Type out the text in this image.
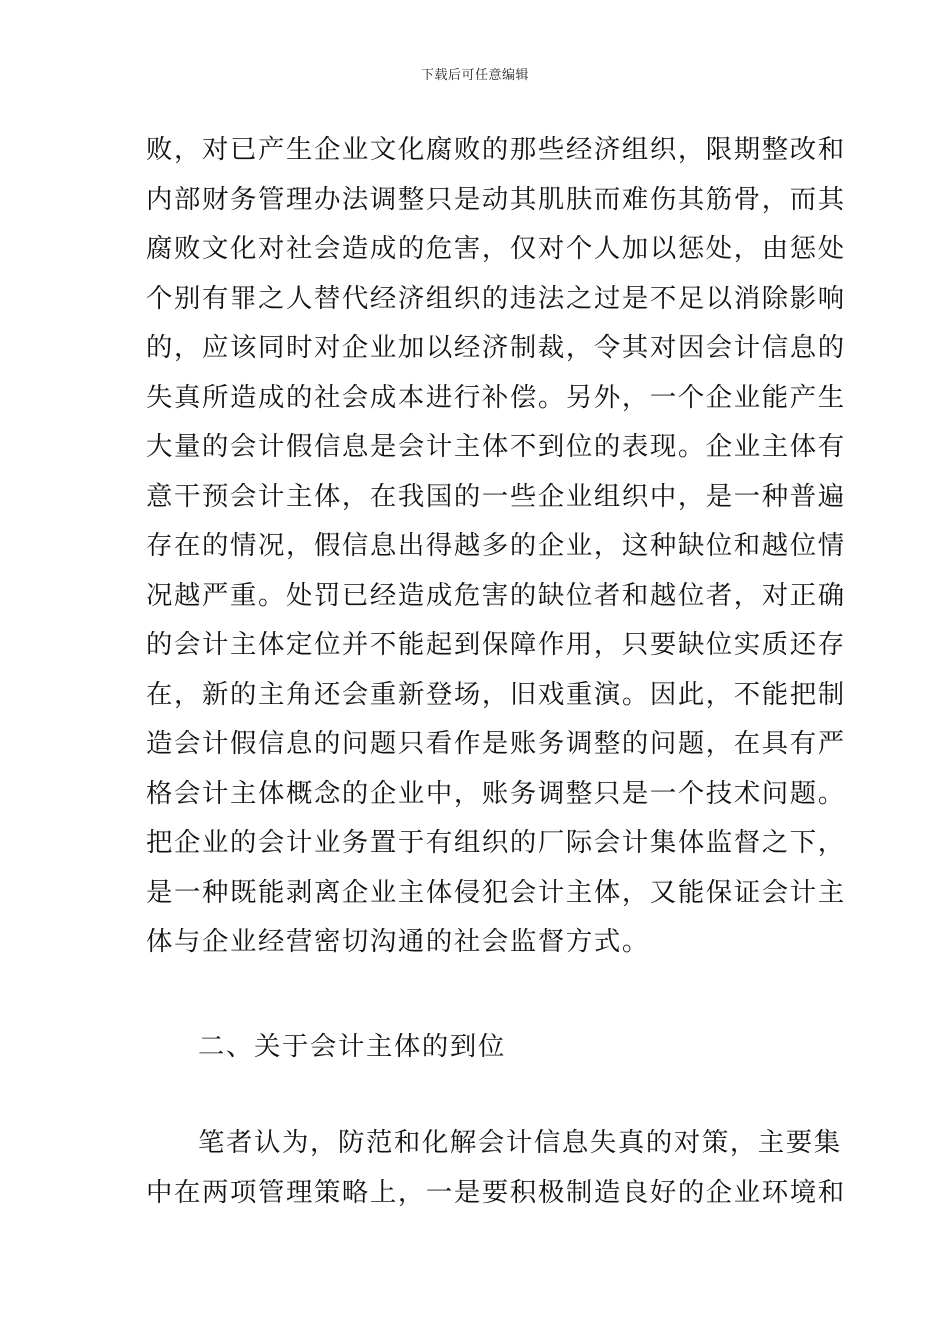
下载后可任意编辑
败，对已产生企业文化腐败的那些经济组织，限期整改和
内部财务管理办法调整只是动其肌肤而难伤其筋骨，而其
腐败文化对社会造成的危害，仅对个人加以惩处，由惩处
个别有罪之人替代经济组织的违法之过是不足以消除影响
的，应该同时对企业加以经济制裁，令其对因会计信息的
失真所造成的社会成本进行补偿。另外，一个企业能产生
大量的会计假信息是会计主体不到位的表现。企业主体有
意干预会计主体，在我国的一些企业组织中，是一种普遍
存在的情况，假信息出得越多的企业，这种缺位和越位情
况越严重。处罚已经造成危害的缺位者和越位者，对正确
的会计主体定位并不能起到保障作用，只要缺位实质还存
在，新的主角还会重新登场，旧戏重演。因此，不能把制
造会计假信息的问题只看作是账务调整的问题，在具有严
格会计主体概念的企业中，账务调整只是一个技术问题。
把企业的会计业务置于有组织的厂际会计集体监督之下，
是一种既能剥离企业主体侵犯会计主体，又能保证会计主
体与企业经营密切沟通的社会监督方式。
二、关于会计主体的到位
笔者认为，防范和化解会计信息失真的对策，主要集
中在两项管理策略上，一是要积极制造良好的企业环境和
